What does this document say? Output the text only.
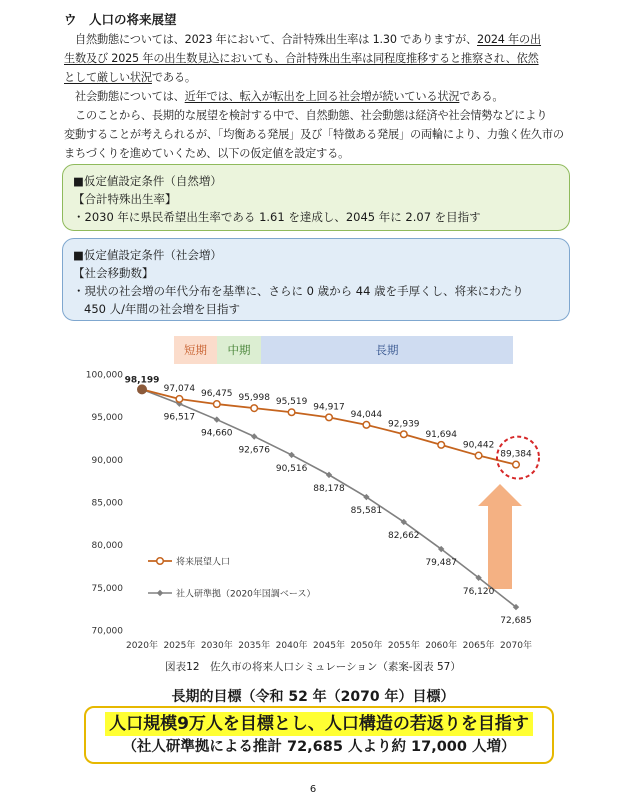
ウ　人口の将来展望

自然動態については、2023 年において、合計特殊出生率は 1.30 でありますが、2024 年の出
生数及び 2025 年の出生数見込においても、合計特殊出生率は同程度推移すると推察され、依然
として厳しい状況である。

社会動態については、近年では、転入が転出を上回る社会増が続いている状況である。

このことから、長期的な展望を検討する中で、自然動態、社会動態は経済や社会情勢などにより
変動することが考えられるが、「均衡ある発展」及び「特徴ある発展」の両輪により、力強く佐久市の
まちづくりを進めていくため、以下の仮定値を設定する。

■仮定値設定条件（自然増）
【合計特殊出生率】
・2030 年に県民希望出生率である 1.61 を達成し、2045 年に 2.07 を目指す
■仮定値設定条件（社会増）
【社会移動数】
・現状の社会増の年代分布を基準に、さらに 0 歳から 44 歳を手厚くし、将来にわたり
450 人/年間の社会増を目指す
短期	中期	長期
100,000
95,000
90,000
85,000
80,000
75,000
70,000
2020年 2025年 2030年 2035年 2040年 2045年 2050年 2055年 2060年 2065年 2070年
98,199
97,074
96,475 95,998 95,519
94,917
94,044
92,939
91,694
90,442
89,384
96,517
94,660
92,676
90,516
88,178
85,581
82,662
79,487
76,120
72,685
将来展望人口
社人研準拠（2020年国調ベース）
図表12　佐久市の将来人口シミュレーション（素案-図表 57）
長期的目標（令和 52 年（2070 年）目標）
人口規模9万人を目標とし、人口構造の若返りを目指す
（社人研準拠による推計 72,685 人より約 17,000 人増）
6
